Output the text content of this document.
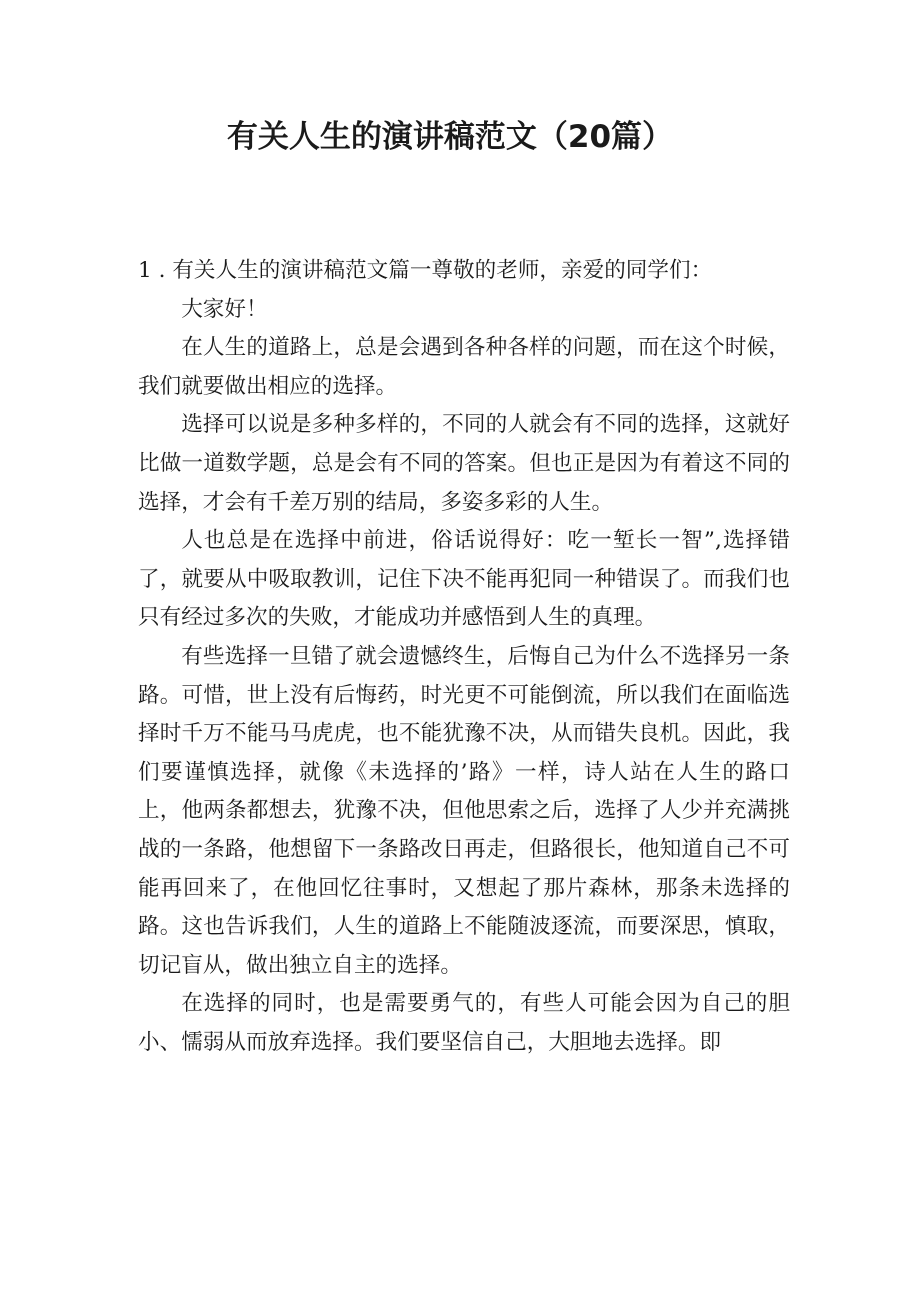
有关人生的演讲稿范文（20篇）

1 . 有关人生的演讲稿范文篇一尊敬的老师，亲爱的同学们：

大家好！

在人生的道路上，总是会遇到各种各样的问题，而在这个时候，我们就要做出相应的选择。

选择可以说是多种多样的，不同的人就会有不同的选择，这就好比做一道数学题，总是会有不同的答案。但也正是因为有着这不同的选择，才会有千差万别的结局，多姿多彩的人生。

人也总是在选择中前进，俗话说得好：吃一堑长一智”,选择错了，就要从中吸取教训，记住下决不能再犯同一种错误了。而我们也只有经过多次的失败，才能成功并感悟到人生的真理。

有些选择一旦错了就会遗憾终生，后悔自己为什么不选择另一条路。可惜，世上没有后悔药，时光更不可能倒流，所以我们在面临选择时千万不能马马虎虎，也不能犹豫不决，从而错失良机。因此，我们要谨慎选择，就像《未选择的’路》一样，诗人站在人生的路口上，他两条都想去，犹豫不决，但他思索之后，选择了人少并充满挑战的一条路，他想留下一条路改日再走，但路很长，他知道自己不可能再回来了，在他回忆往事时，又想起了那片森林，那条未选择的路。这也告诉我们，人生的道路上不能随波逐流，而要深思，慎取，切记盲从，做出独立自主的选择。

在选择的同时，也是需要勇气的，有些人可能会因为自己的胆小、懦弱从而放弃选择。我们要坚信自己，大胆地去选择。即
